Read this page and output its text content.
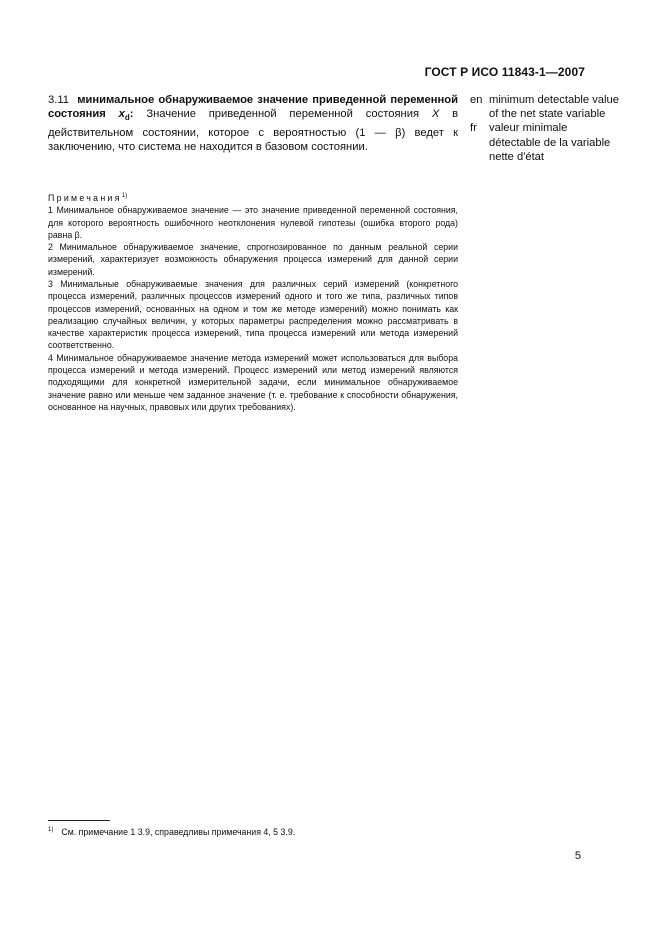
ГОСТ Р ИСО 11843-1—2007
3.11 минимальное обнаруживаемое значение приведенной переменной состояния $x_d$: Значение приведенной переменной состояния X в действительном состоянии, которое с вероятностью (1 — β) ведет к заключению, что система не находится в базовом состоянии.
en minimum detectable value of the net state variable
fr	valeur minimale détectable de la variable nette d'état
Примечания$^{1)}$

1 Минимальное обнаруживаемое значение — это значение приведенной переменной состояния, для которого вероятность ошибочного неотклонения нулевой гипотезы (ошибка второго рода) равна β.

2 Минимальное обнаруживаемое значение, спрогнозированное по данным реальной серии измерений, характеризует возможность обнаружения процесса измерений для данной серии измерений.

3 Минимальные обнаруживаемые значения для различных серий измерений (конкретного процесса измерений, различных процессов измерений одного и того же типа, различных типов процессов измерений, основанных на одном и том же методе измерений) можно понимать как реализацию случайных величин, у которых параметры распределения можно рассматривать в качестве характеристик процесса измерений, типа процесса измерений или метода измерений соответственно.

4 Минимальное обнаруживаемое значение метода измерений может использоваться для выбора процесса измерений и метода измерений. Процесс измерений или метод измерений являются подходящими для конкретной измерительной задачи, если минимальное обнаруживаемое значение равно или меньше чем заданное значение (т. е. требование к способности обнаружения, основанное на научных, правовых или других требованиях).

$^{1)}$ См. примечание 1 3.9, справедливы примечания 4, 5 3.9.
5
